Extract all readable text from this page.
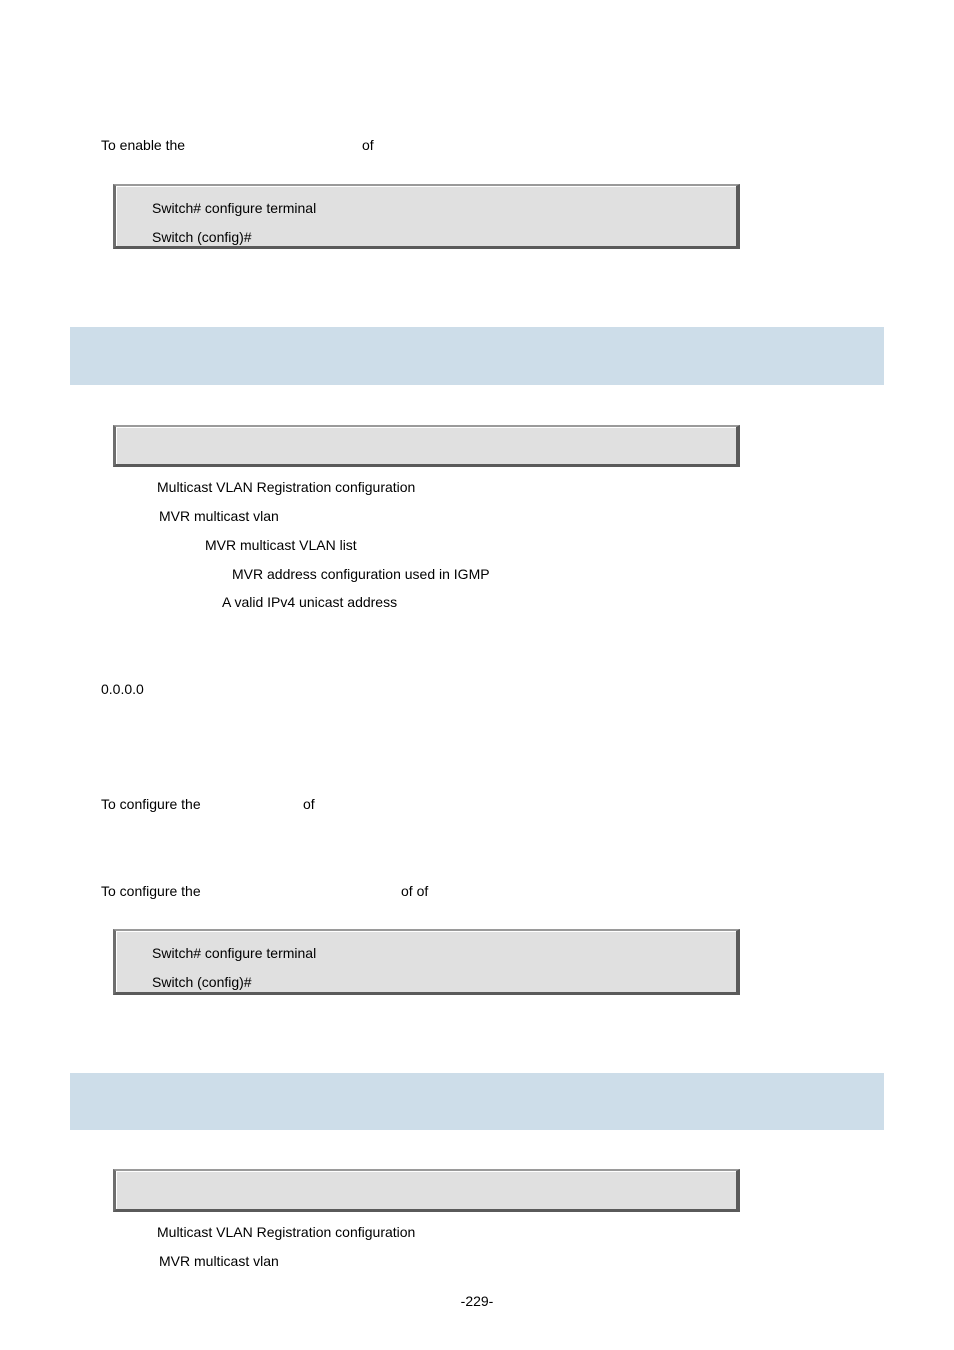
To enable the	of
Switch# configure terminal
Switch (config)#
Multicast VLAN Registration configuration
MVR multicast vlan
MVR multicast VLAN list
MVR address configuration used in IGMP
A valid IPv4 unicast address
0.0.0.0
To configure the	of
To configure the	of of
Switch# configure terminal
Switch (config)#
Multicast VLAN Registration configuration
MVR multicast vlan
-229-
